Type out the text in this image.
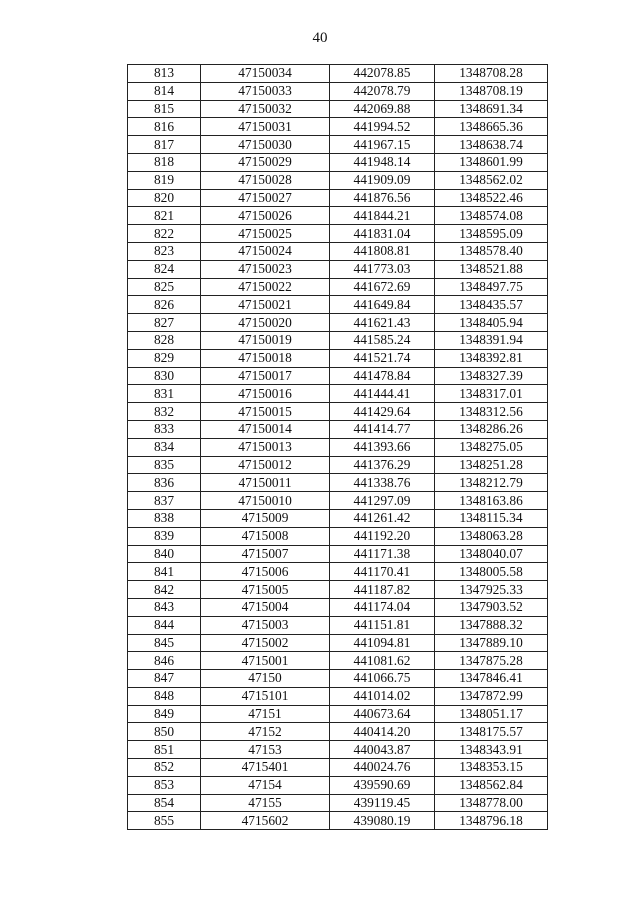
40
813	47150034	442078.85	1348708.28
814	47150033	442078.79	1348708.19
815	47150032	442069.88	1348691.34
816	47150031	441994.52	1348665.36
817	47150030	441967.15	1348638.74
818	47150029	441948.14	1348601.99
819	47150028	441909.09	1348562.02
820	47150027	441876.56	1348522.46
821	47150026	441844.21	1348574.08
822	47150025	441831.04	1348595.09
823	47150024	441808.81	1348578.40
824	47150023	441773.03	1348521.88
825	47150022	441672.69	1348497.75
826	47150021	441649.84	1348435.57
827	47150020	441621.43	1348405.94
828	47150019	441585.24	1348391.94
829	47150018	441521.74	1348392.81
830	47150017	441478.84	1348327.39
831	47150016	441444.41	1348317.01
832	47150015	441429.64	1348312.56
833	47150014	441414.77	1348286.26
834	47150013	441393.66	1348275.05
835	47150012	441376.29	1348251.28
836	47150011	441338.76	1348212.79
837	47150010	441297.09	1348163.86
838	4715009	441261.42	1348115.34
839	4715008	441192.20	1348063.28
840	4715007	441171.38	1348040.07
841	4715006	441170.41	1348005.58
842	4715005	441187.82	1347925.33
843	4715004	441174.04	1347903.52
844	4715003	441151.81	1347888.32
845	4715002	441094.81	1347889.10
846	4715001	441081.62	1347875.28
847	47150	441066.75	1347846.41
848	4715101	441014.02	1347872.99
849	47151	440673.64	1348051.17
850	47152	440414.20	1348175.57
851	47153	440043.87	1348343.91
852	4715401	440024.76	1348353.15
853	47154	439590.69	1348562.84
854	47155	439119.45	1348778.00
855	4715602	439080.19	1348796.18
